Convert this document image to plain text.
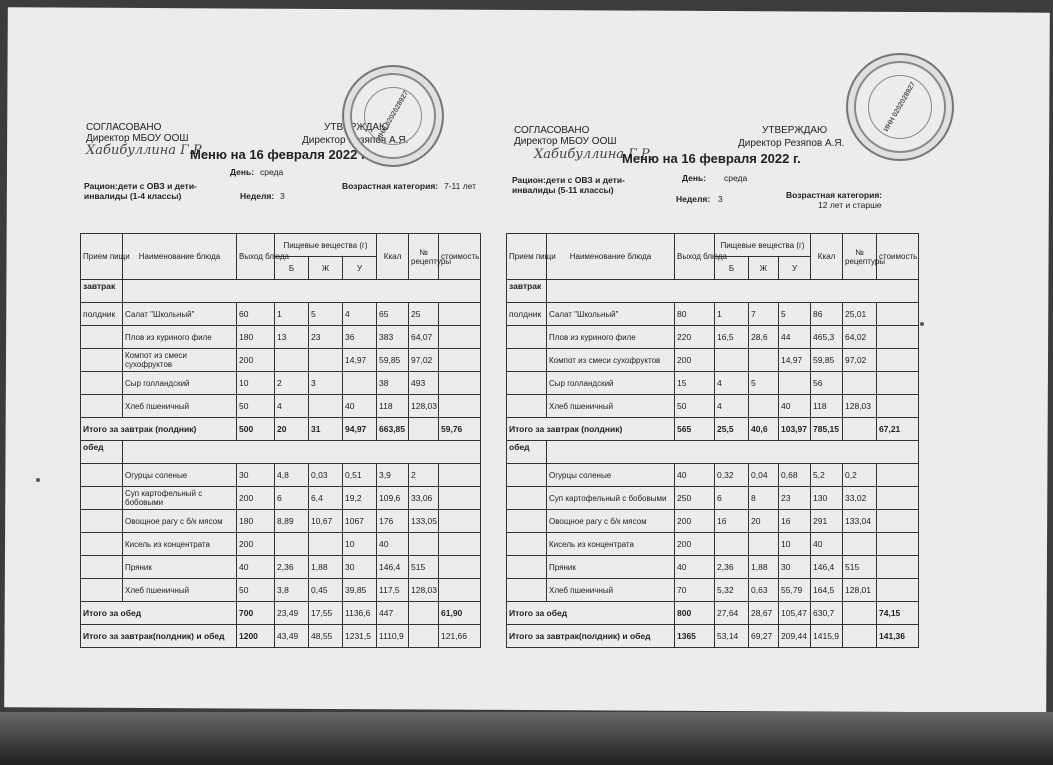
СОГЛАСОВАНО	УТВЕРЖДАЮ
Директор МБОУ ООШ	Директор Резяпов А.Я.
Хабибуллина Г.Р.
Меню на 16 февраля 2022 г.
День: среда
Рацион:дети с ОВЗ и дети-инвалиды (1-4 классы)	Неделя: 3
Возрастная категория: 7-11 лет
ИНН 0202028927
Прием пищи	Наименование блюда	Выход блюда	Пищевые вещества (г)			Ккал	№ рецептуры	стоимость
			Б	Ж	У			
завтрак								
полдник	Салат "Школьный"	60	1	5	4	65	25	
	Плов из куриного филе	180	13	23	36	383	64,07	
	Компот из смеси сухофруктов	200			14,97	59,85	97,02	
	Сыр голландский	10	2	3		38	493	
	Хлеб пшеничный	50	4		40	118	128,03	
Итого за завтрак (полдник)		500	20	31	94,97	663,85		59,76
обед								
	Огурцы соленые	30	4,8	0,03	0,51	3,9	2	
	Суп картофельный с бобовыми	200	6	6,4	19,2	109,6	33,06	
	Овощное рагу с б/к мясом	180	8,89	10,67	1067	176	133,05	
	Кисель из концентрата	200			10	40		
	Пряник	40	2,36	1,88	30	146,4	515	
	Хлеб пшеничный	50	3,8	0,45	39,85	117,5	128,03	
Итого за обед		700	23,49	17,55	1136,6	447		61,90
Итого за завтрак(полдник) и обед		1200	43,49	48,55	1231,5	1110,9		121,66
СОГЛАСОВАНО	УТВЕРЖДАЮ
Директор МБОУ ООШ	Директор Резяпов А.Я.
Хабибуллина Г.Р.
Меню на 16 февраля 2022 г.
День: среда
Рацион:дети с ОВЗ и дети-инвалиды (5-11 классы)
Неделя: 3	Возрастная категория:
12 лет и старше
ИНН 0202028927
Прием пищи	Наименование блюда	Выход блюда	Пищевые вещества (г)			Ккал	№ рецептуры	стоимость
			Б	Ж	У			
завтрак								
полдник	Салат "Школьный"	80	1	7	5	86	25,01	
	Плов из куриного филе	220	16,5	28,6	44	465,3	64,02	
	Компот из смеси сухофруктов	200			14,97	59,85	97,02	
	Сыр голландский	15	4	5		56		
	Хлеб пшеничный	50	4		40	118	128,03	
Итого за завтрак (полдник)		565	25,5	40,6	103,97	785,15		67,21
обед								
	Огурцы соленые	40	0,32	0,04	0,68	5,2	0,2	
	Суп картофельный с бобовыми	250	6	8	23	130	33,02	
	Овощное рагу с б/к мясом	200	16	20	16	291	133,04	
	Кисель из концентрата	200			10	40		
	Пряник	40	2,36	1,88	30	146,4	515	
	Хлеб пшеничный	70	5,32	0,63	55,79	164,5	128,01	
Итого за обед		800	27,64	28,67	105,47	630,7		74,15
Итого за завтрак(полдник) и обед		1365	53,14	69,27	209,44	1415,9		141,36
